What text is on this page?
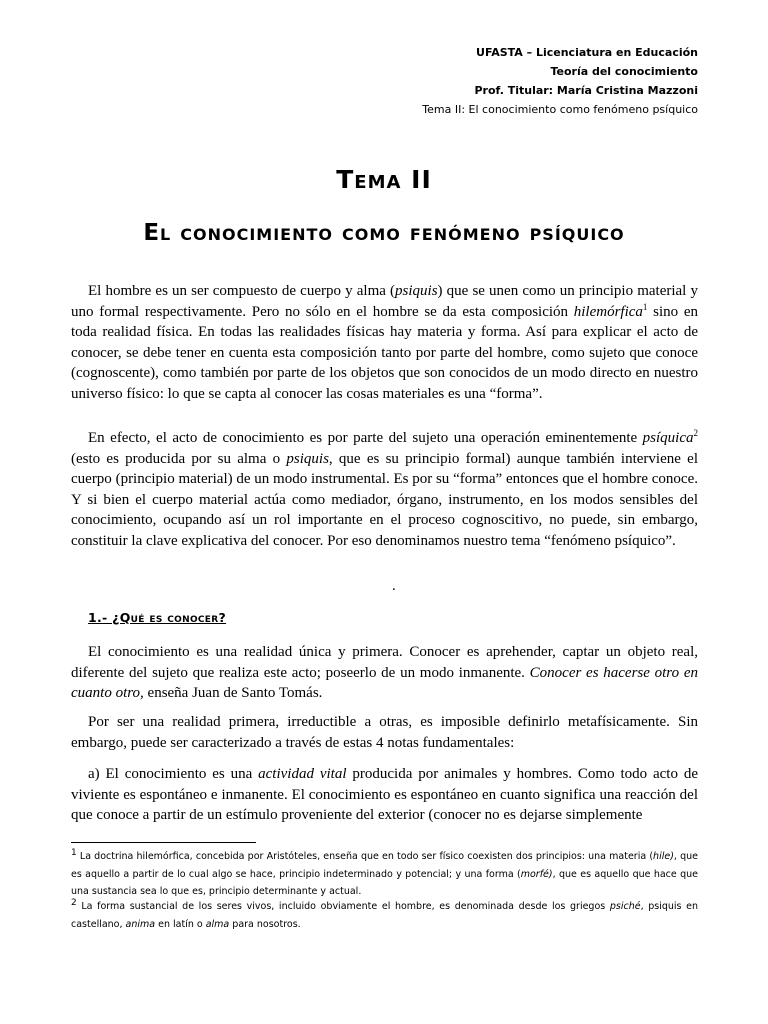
UFASTA – Licenciatura en Educación
Teoría del conocimiento
Prof. Titular: María Cristina Mazzoni
Tema II: El conocimiento como fenómeno psíquico
Tema II
El conocimiento como fenómeno psíquico
El hombre es un ser compuesto de cuerpo y alma (psiquis) que se unen como un principio material y uno formal respectivamente. Pero no sólo en el hombre se da esta composición hilemórfica$^1$ sino en toda realidad física. En todas las realidades físicas hay materia y forma. Así para explicar el acto de conocer, se debe tener en cuenta esta composición tanto por parte del hombre, como sujeto que conoce (cognoscente), como también por parte de los objetos que son conocidos de un modo directo en nuestro universo físico: lo que se capta al conocer las cosas materiales es una “forma”.
En efecto, el acto de conocimiento es por parte del sujeto una operación eminentemente psíquica$^2$ (esto es producida por su alma o psiquis, que es su principio formal) aunque también interviene el cuerpo (principio material) de un modo instrumental. Es por su “forma” entonces que el hombre conoce. Y si bien el cuerpo material actúa como mediador, órgano, instrumento, en los modos sensibles del conocimiento, ocupando así un rol importante en el proceso cognoscitivo, no puede, sin embargo, constituir la clave explicativa del conocer. Por eso denominamos nuestro tema “fenómeno psíquico”.
.
1.- ¿Qué es conocer?
El conocimiento es una realidad única y primera. Conocer es aprehender, captar un objeto real, diferente del sujeto que realiza este acto; poseerlo de un modo inmanente. Conocer es hacerse otro en cuanto otro, enseña Juan de Santo Tomás.
Por ser una realidad primera, irreductible a otras, es imposible definirlo metafísicamente. Sin embargo, puede ser caracterizado a través de estas 4 notas fundamentales:
a) El conocimiento es una actividad vital producida por animales y hombres. Como todo acto de viviente es espontáneo e inmanente. El conocimiento es espontáneo en cuanto significa una reacción del que conoce a partir de un estímulo proveniente del exterior (conocer no es dejarse simplemente
1 La doctrina hilemórfica, concebida por Aristóteles, enseña que en todo ser físico coexisten dos principios: una materia (hile), que es aquello a partir de lo cual algo se hace, principio indeterminado y potencial; y una forma (morfé), que es aquello que hace que una sustancia sea lo que es, principio determinante y actual.
2 La forma sustancial de los seres vivos, incluido obviamente el hombre, es denominada desde los griegos psiché, psiquis en castellano, anima en latín o alma para nosotros.
